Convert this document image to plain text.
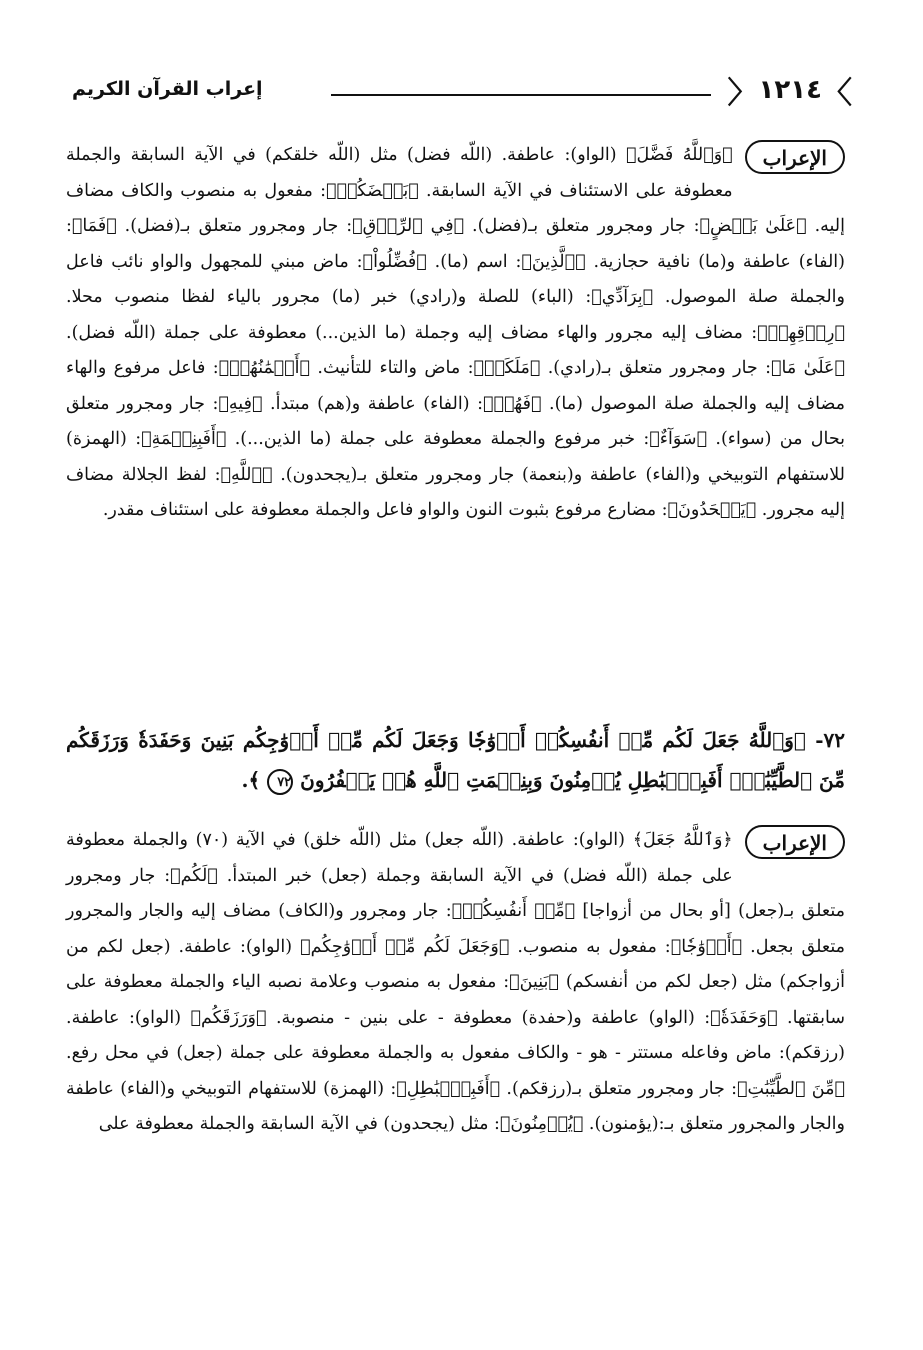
〉
١٢١٤
〈
إعراب القرآن الكريم

الإعراب
﴿وَٱللَّهُ فَضَّلَ﴾ (الواو): عاطفة. (اللّه فضل) مثل (اللّه خلقكم) في الآية السابقة والجملة معطوفة على الاستئناف في الآية السابقة. ﴿بَعۡضَكُمۡ﴾: مفعول به منصوب والكاف مضاف إليه. ﴿عَلَىٰ بَعۡضٍ﴾: جار ومجرور متعلق بـ(فضل). ﴿فِي ٱلرِّزۡقِ﴾: جار ومجرور متعلق بـ(فضل). ﴿فَمَا﴾: (الفاء) عاطفة و(ما) نافية حجازية. ﴿ٱلَّذِينَ﴾: اسم (ما). ﴿فُضِّلُواْ﴾: ماض مبني للمجهول والواو نائب فاعل والجملة صلة الموصول. ﴿بِرَآدِّي﴾: (الباء) للصلة و(رادي) خبر (ما) مجرور بالياء لفظا منصوب محلا. ﴿رِزۡقِهِمۡ﴾: مضاف إليه مجرور والهاء مضاف إليه وجملة (ما الذين...) معطوفة على جملة (اللّه فضل). ﴿عَلَىٰ مَا﴾: جار ومجرور متعلق بـ(رادي). ﴿مَلَكَتۡ﴾: ماض والتاء للتأنيث. ﴿أَيۡمَٰنُهُمۡ﴾: فاعل مرفوع والهاء مضاف إليه والجملة صلة الموصول (ما). ﴿فَهُمۡ﴾: (الفاء) عاطفة و(هم) مبتدأ. ﴿فِيهِ﴾: جار ومجرور متعلق بحال من (سواء). ﴿سَوَآءٌ﴾: خبر مرفوع والجملة معطوفة على جملة (ما الذين...). ﴿أَفَبِنِعۡمَةِ﴾: (الهمزة) للاستفهام التوبيخي و(الفاء) عاطفة و(بنعمة) جار ومجرور متعلق بـ(يجحدون). ﴿ٱللَّهِ﴾: لفظ الجلالة مضاف إليه مجرور. ﴿يَجۡحَدُونَ﴾: مضارع مرفوع بثبوت النون والواو فاعل والجملة معطوفة على استئناف مقدر.

٧٢- ﴿وَٱللَّهُ جَعَلَ لَكُم مِّنۡ أَنفُسِكُمۡ أَزۡوَٰجٗا وَجَعَلَ لَكُم مِّنۡ أَزۡوَٰجِكُم بَنِينَ وَحَفَدَةٗ وَرَزَقَكُم مِّنَ ٱلطَّيِّبَٰتِۚ أَفَبِٱلۡبَٰطِلِ يُؤۡمِنُونَ وَبِنِعۡمَتِ ٱللَّهِ هُمۡ يَكۡفُرُونَ ٧٢ ﴾.

الإعراب
﴿وَٱللَّهُ جَعَلَ﴾ (الواو): عاطفة. (اللّه جعل) مثل (اللّه خلق) في الآية (٧٠) والجملة معطوفة على جملة (اللّه فضل) في الآية السابقة وجملة (جعل) خبر المبتدأ. ﴿لَكُم﴾: جار ومجرور متعلق بـ(جعل) [أو بحال من أزواجا] ﴿مِّنۡ أَنفُسِكُمۡ﴾: جار ومجرور و(الكاف) مضاف إليه والجار والمجرور متعلق بجعل. ﴿أَزۡوَٰجٗا﴾: مفعول به منصوب. ﴿وَجَعَلَ لَكُم مِّنۡ أَزۡوَٰجِكُم﴾ (الواو): عاطفة. (جعل لكم من أزواجكم) مثل (جعل لكم من أنفسكم) ﴿بَنِينَ﴾: مفعول به منصوب وعلامة نصبه الياء والجملة معطوفة على سابقتها. ﴿وَحَفَدَةٗ﴾: (الواو) عاطفة و(حفدة) معطوفة - على بنين - منصوبة. ﴿وَرَزَقَكُم﴾ (الواو): عاطفة. (رزقكم): ماض وفاعله مستتر - هو - والكاف مفعول به والجملة معطوفة على جملة (جعل) في محل رفع. ﴿مِّنَ ٱلطَّيِّبَٰتِ﴾: جار ومجرور متعلق بـ(رزقكم). ﴿أَفَبِٱلۡبَٰطِلِ﴾: (الهمزة) للاستفهام التوبيخي و(الفاء) عاطفة والجار والمجرور متعلق بـ:(يؤمنون). ﴿يُؤۡمِنُونَ﴾: مثل (يجحدون) في الآية السابقة والجملة معطوفة على
